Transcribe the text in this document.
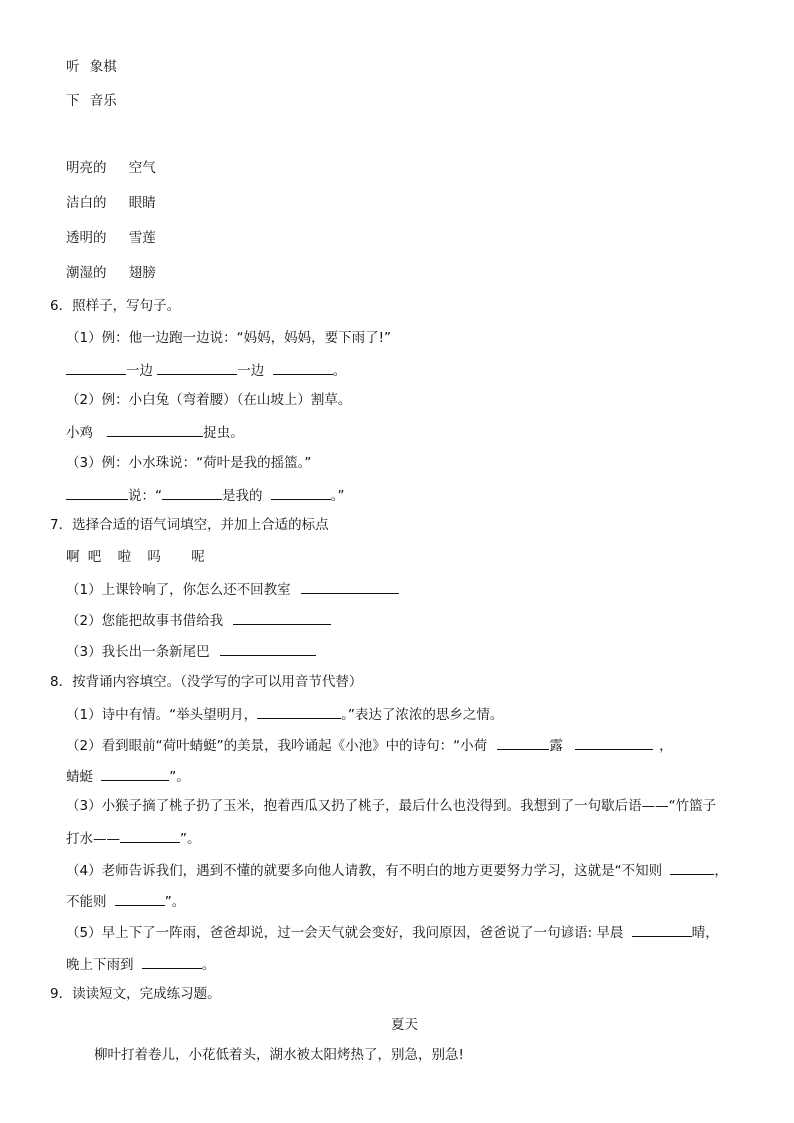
听 象棋
下 音乐
明亮的 空气
洁白的 眼睛
透明的 雪莲
潮湿的 翅膀
6．照样子，写句子。
（1）例：他一边跑一边说：“妈妈，妈妈，要下雨了!”
一边	一边	。
（2）例：小白兔（弯着腰）（在山坡上）割草。
小鸡	捉虫。
（3）例：小水珠说：“荷叶是我的摇篮。”
说：“	是我的	。”
7．选择合适的语气词填空，并加上合适的标点
啊 吧 啦 吗 呢
（1）上课铃响了，你怎么还不回教室
（2）您能把故事书借给我
（3）我长出一条新尾巴
8．按背诵内容填空。（没学写的字可以用音节代替）
（1）诗中有情。“举头望明月，	。”表达了浓浓的思乡之情。
（2）看到眼前“荷叶蜻蜓”的美景，我吟诵起《小池》中的诗句：“小荷	露	，
蜻蜓	”。
（3）小猴子摘了桃子扔了玉米，抱着西瓜又扔了桃子，最后什么也没得到。我想到了一句歇后语——“竹篮子
打水——	”。
（4）老师告诉我们，遇到不懂的就要多向他人请教，有不明白的地方更要努力学习，这就是“不知则	，
不能则	”。
（5）早上下了一阵雨，爸爸却说，过一会天气就会变好，我问原因，爸爸说了一句谚语: 早晨	晴，
晚上下雨到	。
9．读读短文，完成练习题。
夏天
柳叶打着卷儿，小花低着头，湖水被太阳烤热了，别急，别急!
